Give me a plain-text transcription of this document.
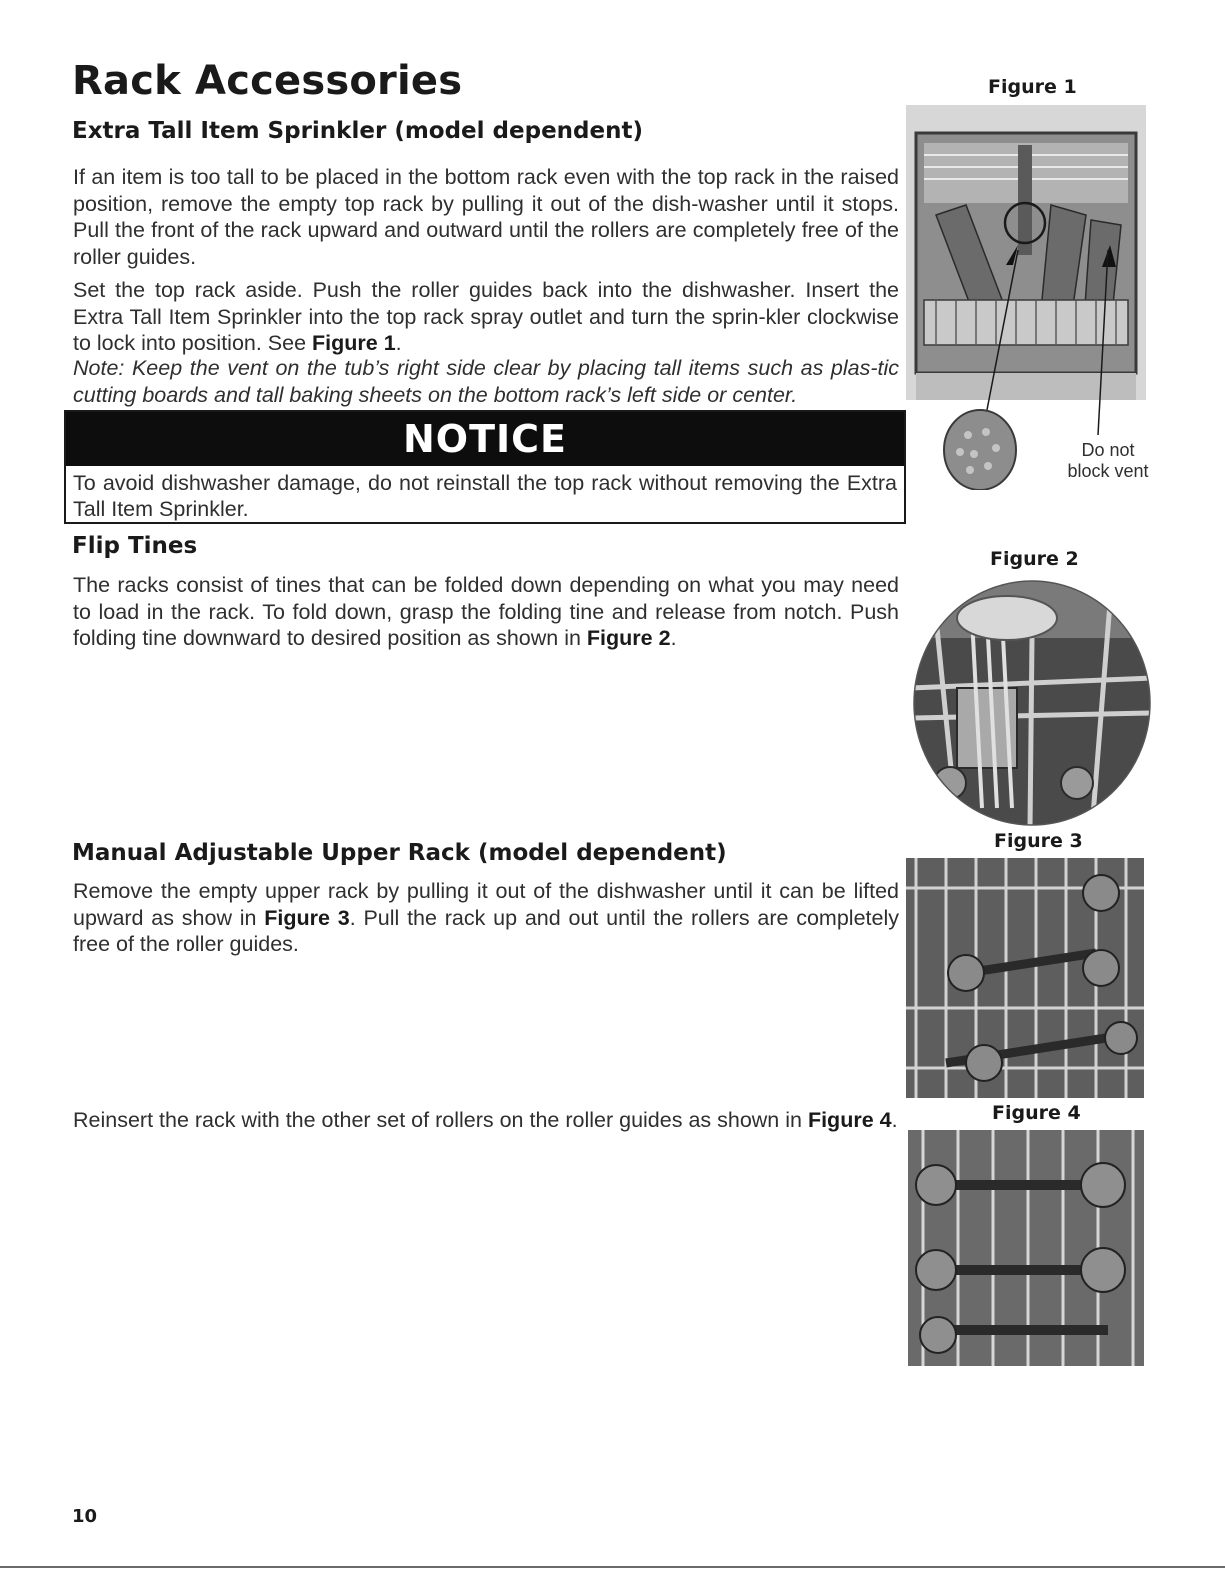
Rack Accessories
Extra Tall Item Sprinkler (model dependent)

If an item is too tall to be placed in the bottom rack even with the top rack in the raised position, remove the empty top rack by pulling it out of the dish-washer until it stops. Pull the front of the rack upward and outward until the rollers are completely free of the roller guides.

Set the top rack aside. Push the roller guides back into the dishwasher. Insert the Extra Tall Item Sprinkler into the top rack spray outlet and turn the sprin-kler clockwise to lock into position. See Figure 1.

Note: Keep the vent on the tub’s right side clear by placing tall items such as plas-tic cutting boards and tall baking sheets on the bottom rack’s left side or center.

NOTICE

To avoid dishwasher damage, do not reinstall the top rack without removing the Extra Tall Item Sprinkler.

Flip Tines

The racks consist of tines that can be folded down depending on what you may need to load in the rack. To fold down, grasp the folding tine and release from notch. Push folding tine downward to desired position as shown in Figure 2.

Manual Adjustable Upper Rack (model dependent)

Remove the empty upper rack by pulling it out of the dishwasher until it can be lifted upward as show in Figure 3. Pull the rack up and out until the rollers are completely free of the roller guides.

Reinsert the rack with the other set of rollers on the roller guides as shown in Figure 4.

Figure 1
Figure 2
Figure 3
Figure 4
Do not block vent
10
